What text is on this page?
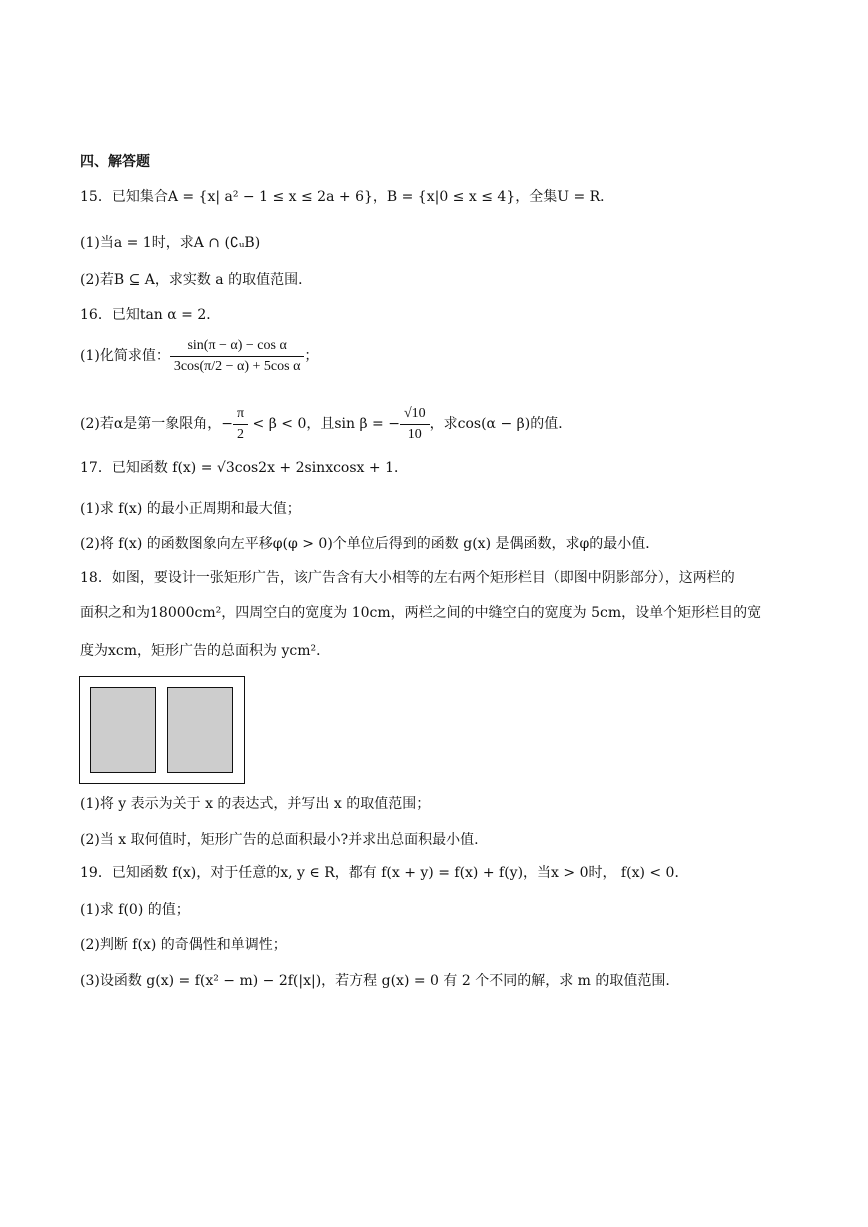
四、解答题
15．已知集合A = {x| a² − 1 ≤ x ≤ 2a + 6}，B = {x|0 ≤ x ≤ 4}，全集U = R．
(1)当a = 1时，求A ∩ (∁ᵤB)
(2)若B ⊆ A，求实数 a 的取值范围．
16．已知tan α = 2．
(1)化简求值： $\frac{\text{sin(π − α) − cos α}}{\text{3cos(π/2 − α) + 5cos α}}$ ；
(2)若α是第一象限角，− $\frac{\pi}{2} < \beta < 0$，且sin β = − $\frac{√10}{10}$ ，求cos(α − β)的值．
17．已知函数 f(x) = √3cos2x + 2sinxcosx + 1．
(1)求 f(x) 的最小正周期和最大值；
(2)将 f(x) 的函数图象向左平移φ(φ > 0)个单位后得到的函数 g(x) 是偶函数，求φ的最小值．
18．如图，要设计一张矩形广告，该广告含有大小相等的左右两个矩形栏目（即图中阴影部分），这两栏的
面积之和为18000cm²，四周空白的宽度为 10cm，两栏之间的中缝空白的宽度为 5cm，设单个矩形栏目的宽
度为xcm，矩形广告的总面积为 ycm²．
(1)将 y 表示为关于 x 的表达式，并写出 x 的取值范围；
(2)当 x 取何值时，矩形广告的总面积最小?并求出总面积最小值.
19．已知函数 f(x)，对于任意的x, y ∈ R，都有 f(x + y) = f(x) + f(y)，当x > 0时， f(x) < 0．
(1)求 f(0) 的值；
(2)判断 f(x) 的奇偶性和单调性；
(3)设函数 g(x) = f(x² − m) − 2f(|x|)，若方程 g(x) = 0 有 2 个不同的解，求 m 的取值范围.
